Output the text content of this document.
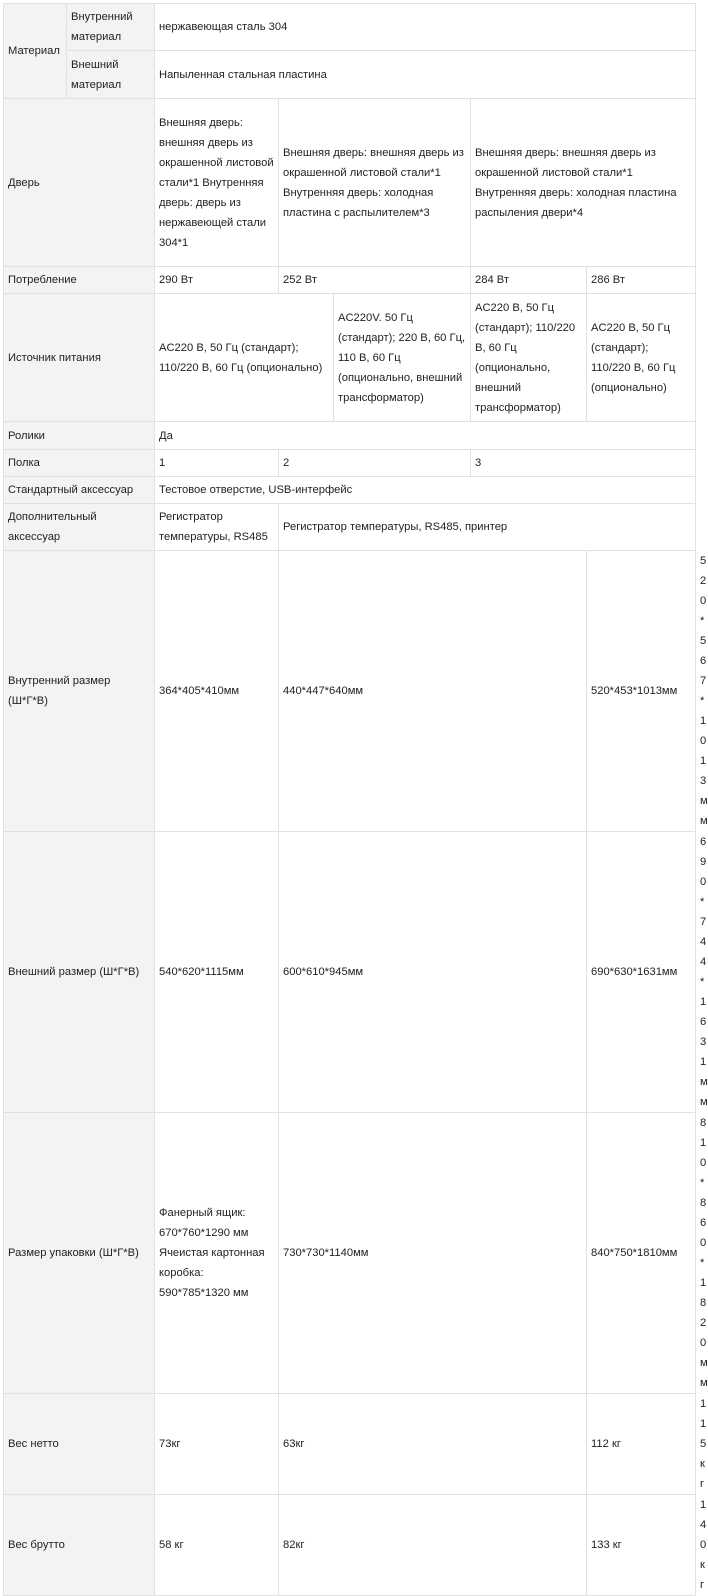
Материал	Внутренний материал	нержавеющая сталь 304					
	Внешний материал	Напыленная стальная пластина					
Дверь		Внешняя дверь: внешняя дверь из окрашенной листовой стали*1 Внутренняя дверь: дверь из нержавеющей стали 304*1	Внешняя дверь: внешняя дверь из окрашенной листовой стали*1 Внутренняя дверь: холодная пластина с распылителем*3		Внешняя дверь: внешняя дверь из окрашенной листовой стали*1 Внутренняя дверь: холодная пластина распыления двери*4		
Потребление		290 Вт	252 Вт		284 Вт	286 Вт	
Источник питания		AC220 В, 50 Гц (стандарт); 110/220 В, 60 Гц (опционально)		AC220V. 50 Гц (стандарт); 220 В, 60 Гц, 110 В, 60 Гц (опционально, внешний трансформатор)	AC220 В, 50 Гц (стандарт); 110/220 В, 60 Гц (опционально, внешний трансформатор)	AC220 В, 50 Гц (стандарт); 110/220 В, 60 Гц (опционально)	
Ролики		Да					
Полка		1	2		3		
Стандартный аксессуар		Тестовое отверстие, USB-интерфейс					
Дополнительный аксессуар		Регистратор температуры, RS485	Регистратор температуры, RS485, принтер				
Внутренний размер (Ш*Г*В)		364*405*410мм	440*447*640мм			520*453*1013мм	520*567*1013мм
Внешний размер (Ш*Г*В)		540*620*1115мм	600*610*945мм			690*630*1631мм	690*744*1631мм
Размер упаковки (Ш*Г*В)		Фанерный ящик: 670*760*1290 мм Ячеистая картонная коробка: 590*785*1320 мм	730*730*1140мм			840*750*1810мм	810*860*1820мм
Вес нетто		73кг	63кг			112 кг	115 кг
Вес брутто		58 кг	82кг			133 кг	140 кг
